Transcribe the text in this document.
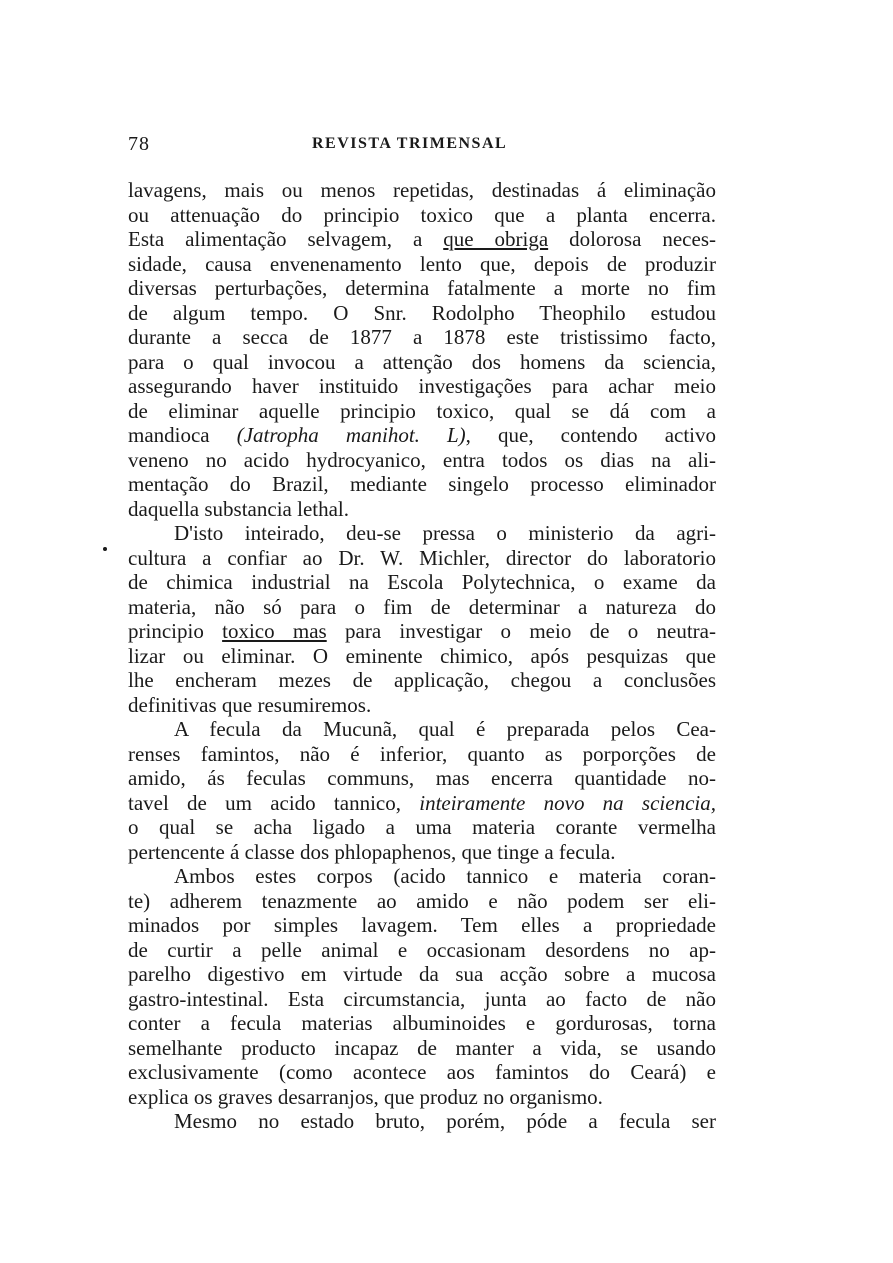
78	REVISTA TRIMENSAL
lavagens, mais ou menos repetidas, destinadas á eliminação
ou attenuação do principio toxico que a planta encerra.
Esta alimentação selvagem, a que obriga dolorosa neces-
sidade, causa envenenamento lento que, depois de produzir
diversas perturbações, determina fatalmente a morte no fim
de algum tempo. O Snr. Rodolpho Theophilo estudou
durante a secca de 1877 a 1878 este tristissimo facto,
para o qual invocou a attenção dos homens da sciencia,
assegurando haver instituido investigações para achar meio
de eliminar aquelle principio toxico, qual se dá com a
mandioca (Jatropha manihot. L), que, contendo activo
veneno no acido hydrocyanico, entra todos os dias na ali-
mentação do Brazil, mediante singelo processo eliminador
daquella substancia lethal.
D'isto inteirado, deu-se pressa o ministerio da agri-
cultura a confiar ao Dr. W. Michler, director do laboratorio
de chimica industrial na Escola Polytechnica, o exame da
materia, não só para o fim de determinar a natureza do
principio toxico mas para investigar o meio de o neutra-
lizar ou eliminar. O eminente chimico, após pesquizas que
lhe encheram mezes de applicação, chegou a conclusões
definitivas que resumiremos.
A fecula da Mucunã, qual é preparada pelos Cea-
renses famintos, não é inferior, quanto as porporções de
amido, ás feculas communs, mas encerra quantidade no-
tavel de um acido tannico, inteiramente novo na sciencia,
o qual se acha ligado a uma materia corante vermelha
pertencente á classe dos phlopaphenos, que tinge a fecula.
Ambos estes corpos (acido tannico e materia coran-
te) adherem tenazmente ao amido e não podem ser eli-
minados por simples lavagem. Tem elles a propriedade
de curtir a pelle animal e occasionam desordens no ap-
parelho digestivo em virtude da sua acção sobre a mucosa
gastro-intestinal. Esta circumstancia, junta ao facto de não
conter a fecula materias albuminoides e gordurosas, torna
semelhante producto incapaz de manter a vida, se usando
exclusivamente (como acontece aos famintos do Ceará) e
explica os graves desarranjos, que produz no organismo.
Mesmo no estado bruto, porém, póde a fecula ser
